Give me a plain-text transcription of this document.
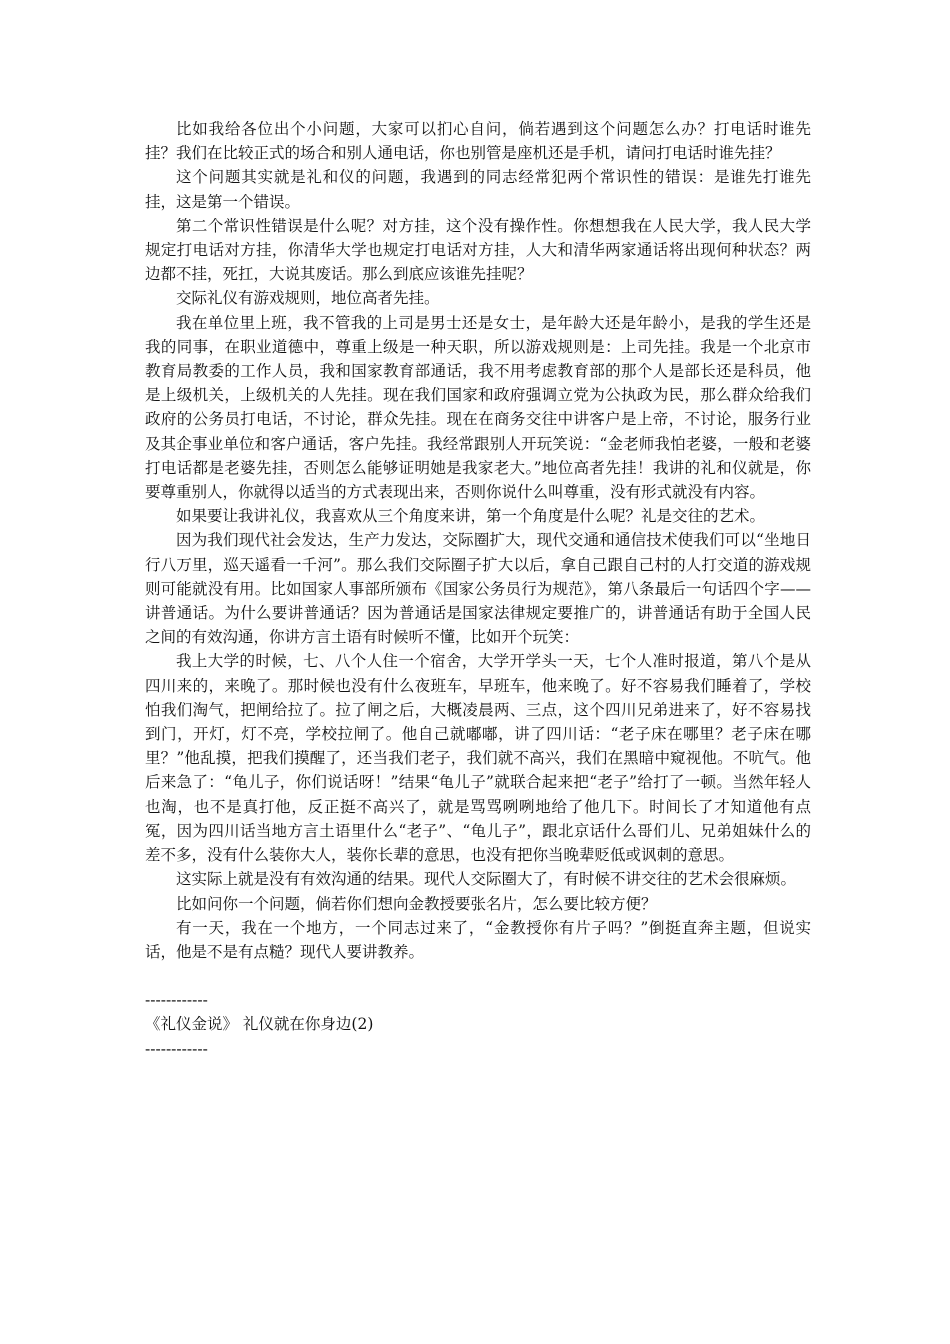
比如我给各位出个小问题，大家可以扪心自问，倘若遇到这个问题怎么办？打电话时谁先挂？我们在比较正式的场合和别人通电话，你也别管是座机还是手机，请问打电话时谁先挂？

这个问题其实就是礼和仪的问题，我遇到的同志经常犯两个常识性的错误：是谁先打谁先挂，这是第一个错误。

第二个常识性错误是什么呢？对方挂，这个没有操作性。你想想我在人民大学，我人民大学规定打电话对方挂，你清华大学也规定打电话对方挂，人大和清华两家通话将出现何种状态？两边都不挂，死扛，大说其废话。那么到底应该谁先挂呢？

交际礼仪有游戏规则，地位高者先挂。

我在单位里上班，我不管我的上司是男士还是女士，是年龄大还是年龄小，是我的学生还是我的同事，在职业道德中，尊重上级是一种天职，所以游戏规则是：上司先挂。我是一个北京市教育局教委的工作人员，我和国家教育部通话，我不用考虑教育部的那个人是部长还是科员，他是上级机关，上级机关的人先挂。现在我们国家和政府强调立党为公执政为民，那么群众给我们政府的公务员打电话，不讨论，群众先挂。现在在商务交往中讲客户是上帝，不讨论，服务行业及其企事业单位和客户通话，客户先挂。我经常跟别人开玩笑说：“金老师我怕老婆，一般和老婆打电话都是老婆先挂，否则怎么能够证明她是我家老大。”地位高者先挂！我讲的礼和仪就是，你要尊重别人，你就得以适当的方式表现出来，否则你说什么叫尊重，没有形式就没有内容。

如果要让我讲礼仪，我喜欢从三个角度来讲，第一个角度是什么呢？礼是交往的艺术。

因为我们现代社会发达，生产力发达，交际圈扩大，现代交通和通信技术使我们可以“坐地日行八万里，巡天遥看一千河”。那么我们交际圈子扩大以后，拿自己跟自己村的人打交道的游戏规则可能就没有用。比如国家人事部所颁布《国家公务员行为规范》，第八条最后一句话四个字——讲普通话。为什么要讲普通话？因为普通话是国家法律规定要推广的，讲普通话有助于全国人民之间的有效沟通，你讲方言土语有时候听不懂，比如开个玩笑：

我上大学的时候，七、八个人住一个宿舍，大学开学头一天，七个人准时报道，第八个是从四川来的，来晚了。那时候也没有什么夜班车，早班车，他来晚了。好不容易我们睡着了，学校怕我们淘气，把闸给拉了。拉了闸之后，大概凌晨两、三点，这个四川兄弟进来了，好不容易找到门，开灯，灯不亮，学校拉闸了。他自己就嘟嘟，讲了四川话：“老子床在哪里？老子床在哪里？”他乱摸，把我们摸醒了，还当我们老子，我们就不高兴，我们在黑暗中窥视他。不吭气。他后来急了：“龟儿子，你们说话呀！”结果“龟儿子”就联合起来把“老子”给打了一顿。当然年轻人也淘，也不是真打他，反正挺不高兴了，就是骂骂咧咧地给了他几下。时间长了才知道他有点冤，因为四川话当地方言土语里什么“老子”、“龟儿子”，跟北京话什么哥们儿、兄弟姐妹什么的差不多，没有什么装你大人，装你长辈的意思，也没有把你当晚辈贬低或讽刺的意思。

这实际上就是没有有效沟通的结果。现代人交际圈大了，有时候不讲交往的艺术会很麻烦。

比如问你一个问题，倘若你们想向金教授要张名片，怎么要比较方便？

有一天，我在一个地方，一个同志过来了，“金教授你有片子吗？”倒挺直奔主题，但说实话，他是不是有点糙？现代人要讲教养。

------------
《礼仪金说》 礼仪就在你身边(2)
------------
